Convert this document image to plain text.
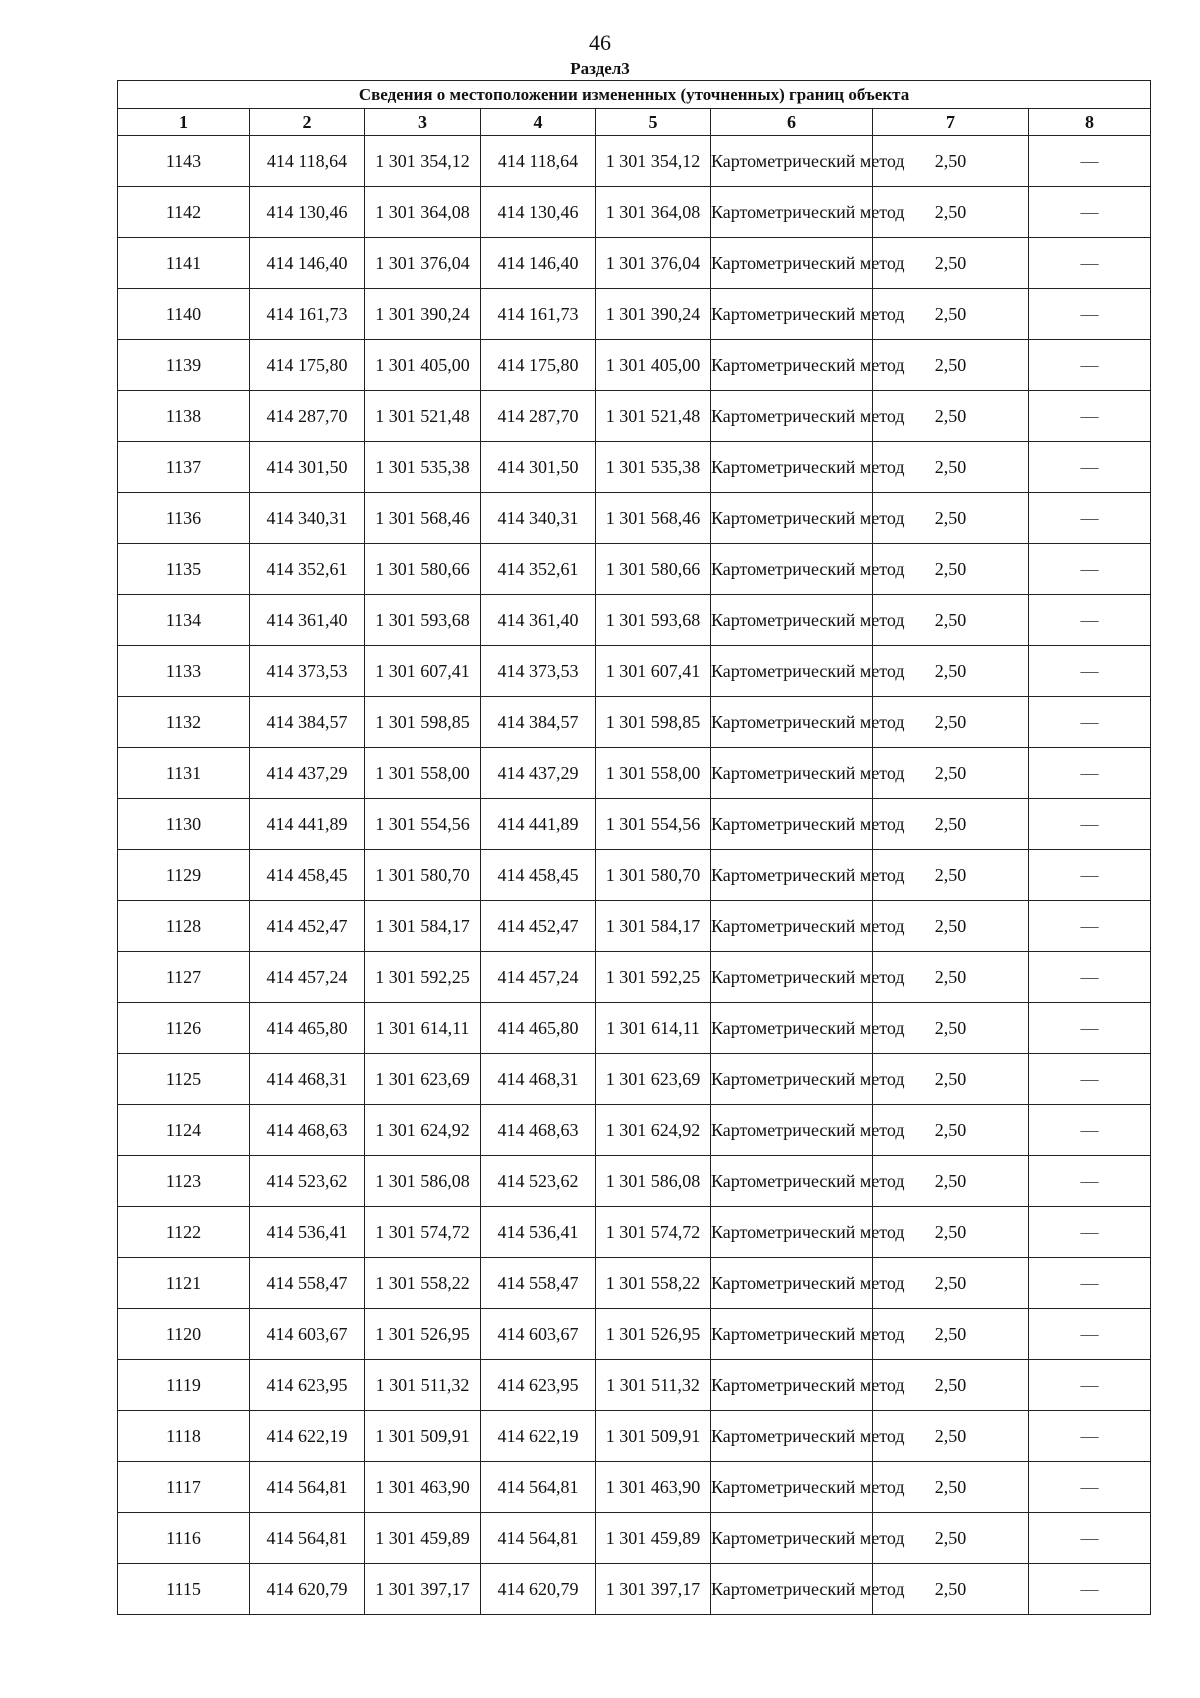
46
Раздел3
Сведения о местоположении измененных (уточненных) границ объекта							
1	2	3	4	5	6	7	8
1143	414 118,64	1 301 354,12	414 118,64	1 301 354,12	Картометрический метод	2,50	—
1142	414 130,46	1 301 364,08	414 130,46	1 301 364,08	Картометрический метод	2,50	—
1141	414 146,40	1 301 376,04	414 146,40	1 301 376,04	Картометрический метод	2,50	—
1140	414 161,73	1 301 390,24	414 161,73	1 301 390,24	Картометрический метод	2,50	—
1139	414 175,80	1 301 405,00	414 175,80	1 301 405,00	Картометрический метод	2,50	—
1138	414 287,70	1 301 521,48	414 287,70	1 301 521,48	Картометрический метод	2,50	—
1137	414 301,50	1 301 535,38	414 301,50	1 301 535,38	Картометрический метод	2,50	—
1136	414 340,31	1 301 568,46	414 340,31	1 301 568,46	Картометрический метод	2,50	—
1135	414 352,61	1 301 580,66	414 352,61	1 301 580,66	Картометрический метод	2,50	—
1134	414 361,40	1 301 593,68	414 361,40	1 301 593,68	Картометрический метод	2,50	—
1133	414 373,53	1 301 607,41	414 373,53	1 301 607,41	Картометрический метод	2,50	—
1132	414 384,57	1 301 598,85	414 384,57	1 301 598,85	Картометрический метод	2,50	—
1131	414 437,29	1 301 558,00	414 437,29	1 301 558,00	Картометрический метод	2,50	—
1130	414 441,89	1 301 554,56	414 441,89	1 301 554,56	Картометрический метод	2,50	—
1129	414 458,45	1 301 580,70	414 458,45	1 301 580,70	Картометрический метод	2,50	—
1128	414 452,47	1 301 584,17	414 452,47	1 301 584,17	Картометрический метод	2,50	—
1127	414 457,24	1 301 592,25	414 457,24	1 301 592,25	Картометрический метод	2,50	—
1126	414 465,80	1 301 614,11	414 465,80	1 301 614,11	Картометрический метод	2,50	—
1125	414 468,31	1 301 623,69	414 468,31	1 301 623,69	Картометрический метод	2,50	—
1124	414 468,63	1 301 624,92	414 468,63	1 301 624,92	Картометрический метод	2,50	—
1123	414 523,62	1 301 586,08	414 523,62	1 301 586,08	Картометрический метод	2,50	—
1122	414 536,41	1 301 574,72	414 536,41	1 301 574,72	Картометрический метод	2,50	—
1121	414 558,47	1 301 558,22	414 558,47	1 301 558,22	Картометрический метод	2,50	—
1120	414 603,67	1 301 526,95	414 603,67	1 301 526,95	Картометрический метод	2,50	—
1119	414 623,95	1 301 511,32	414 623,95	1 301 511,32	Картометрический метод	2,50	—
1118	414 622,19	1 301 509,91	414 622,19	1 301 509,91	Картометрический метод	2,50	—
1117	414 564,81	1 301 463,90	414 564,81	1 301 463,90	Картометрический метод	2,50	—
1116	414 564,81	1 301 459,89	414 564,81	1 301 459,89	Картометрический метод	2,50	—
1115	414 620,79	1 301 397,17	414 620,79	1 301 397,17	Картометрический метод	2,50	—
